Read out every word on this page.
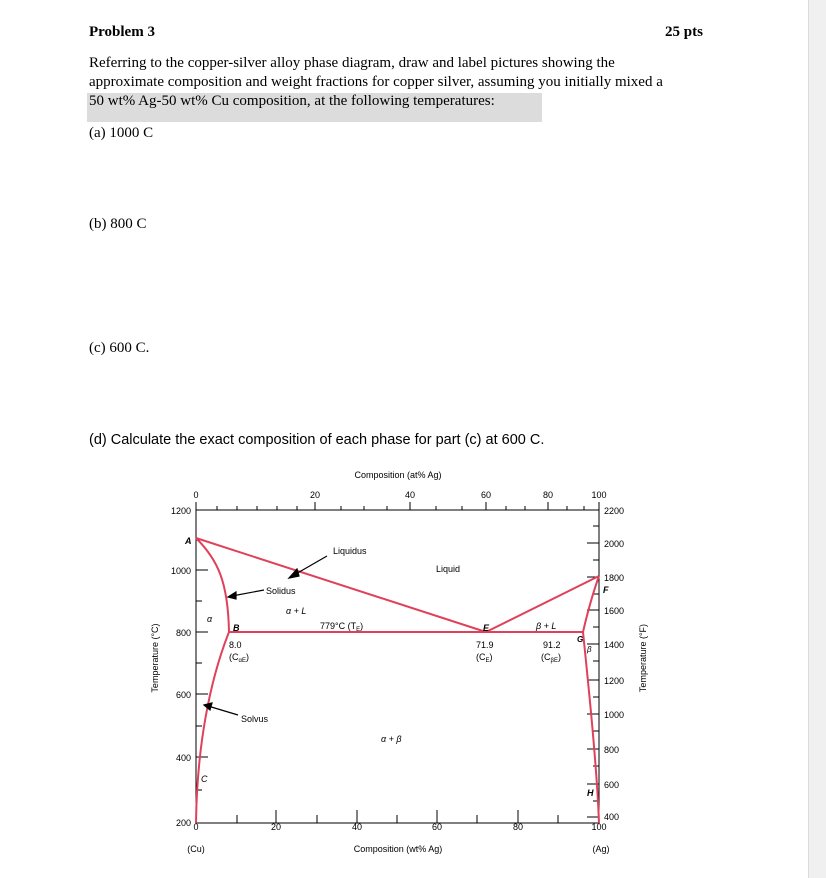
Problem 3	25 pts
Referring to the copper-silver alloy phase diagram, draw and label pictures showing the
approximate composition and weight fractions for copper silver, assuming you initially mixed a
50 wt% Ag-50 wt% Cu composition, at the following temperatures:
(a) 1000 C
(b) 800 C
(c) 600 C.
(d) Calculate the exact composition of each phase for part (c) at 600 C.
0	20	40	60	80	100
0	20	40	60	80	100
1200
1000
800
600
400
200
2200
2000
1800
1600
1400
1200
1000
800
600
400
Composition (at% Ag)
Composition (wt% Ag)
(Cu)	(Ag)
Temperature (°C)	Temperature (°F)
Liquidus
Liquid
Solidus
α + L
β + L
779°C $(T_E)$
α
β
α + β
Solvus
A
B
C
E
F
G
H
8.0
$(C_{\alpha E})$
71.9
$(C_E)$
91.2
$(C_{\beta E})$
